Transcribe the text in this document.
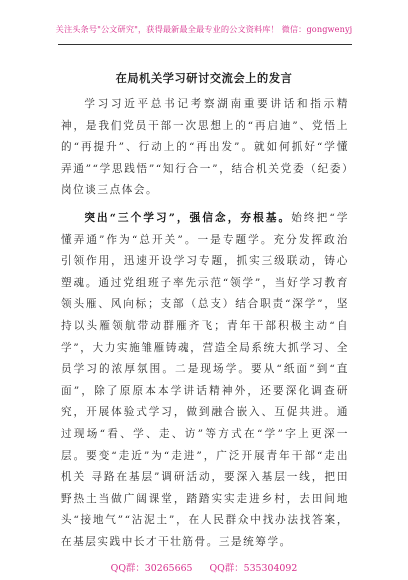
关注头条号"公文研究"，获得最新最全最专业的公文资料库！ 微信：gongwenyj
在局机关学习研讨交流会上的发言

学习习近平总书记考察湖南重要讲话和指示精神，是我们党员干部一次思想上的“再启迪”、党悟上的“再提升”、行动上的“再出发”。就如何抓好“学懂弄通”“学思践悟”“知行合一”，结合机关党委（纪委）岗位谈三点体会。

突出“三个学习”，强信念，夯根基。始终把“学懂弄通”作为“总开关”。一是专题学。充分发挥政治引领作用，迅速开设学习专题，抓实三级联动，铸心塑魂。通过党组班子率先示范“领学”，当好学习教育领头雁、风向标；支部（总支）结合职责“深学”，坚持以头雁领航带动群雁齐飞；青年干部积极主动“自学”，大力实施雏雁铸魂，营造全局系统大抓学习、全员学习的浓厚氛围。二是现场学。要从“纸面”到“直面”，除了原原本本学讲话精神外，还要深化调查研究，开展体验式学习，做到融合嵌入、互促共进。通过现场“看、学、走、访”等方式在“学”字上更深一层。要变“走近”为“走进”，广泛开展青年干部“走出机关 寻路在基层”调研活动，要深入基层一线，把田野热土当做广阔课堂，踏踏实实走进乡村，去田间地头“接地气”“沾泥土”，在人民群众中找办法找答案，在基层实践中长才干壮筋骨。三是统筹学。

QQ群：30265665 QQ群：535304092
